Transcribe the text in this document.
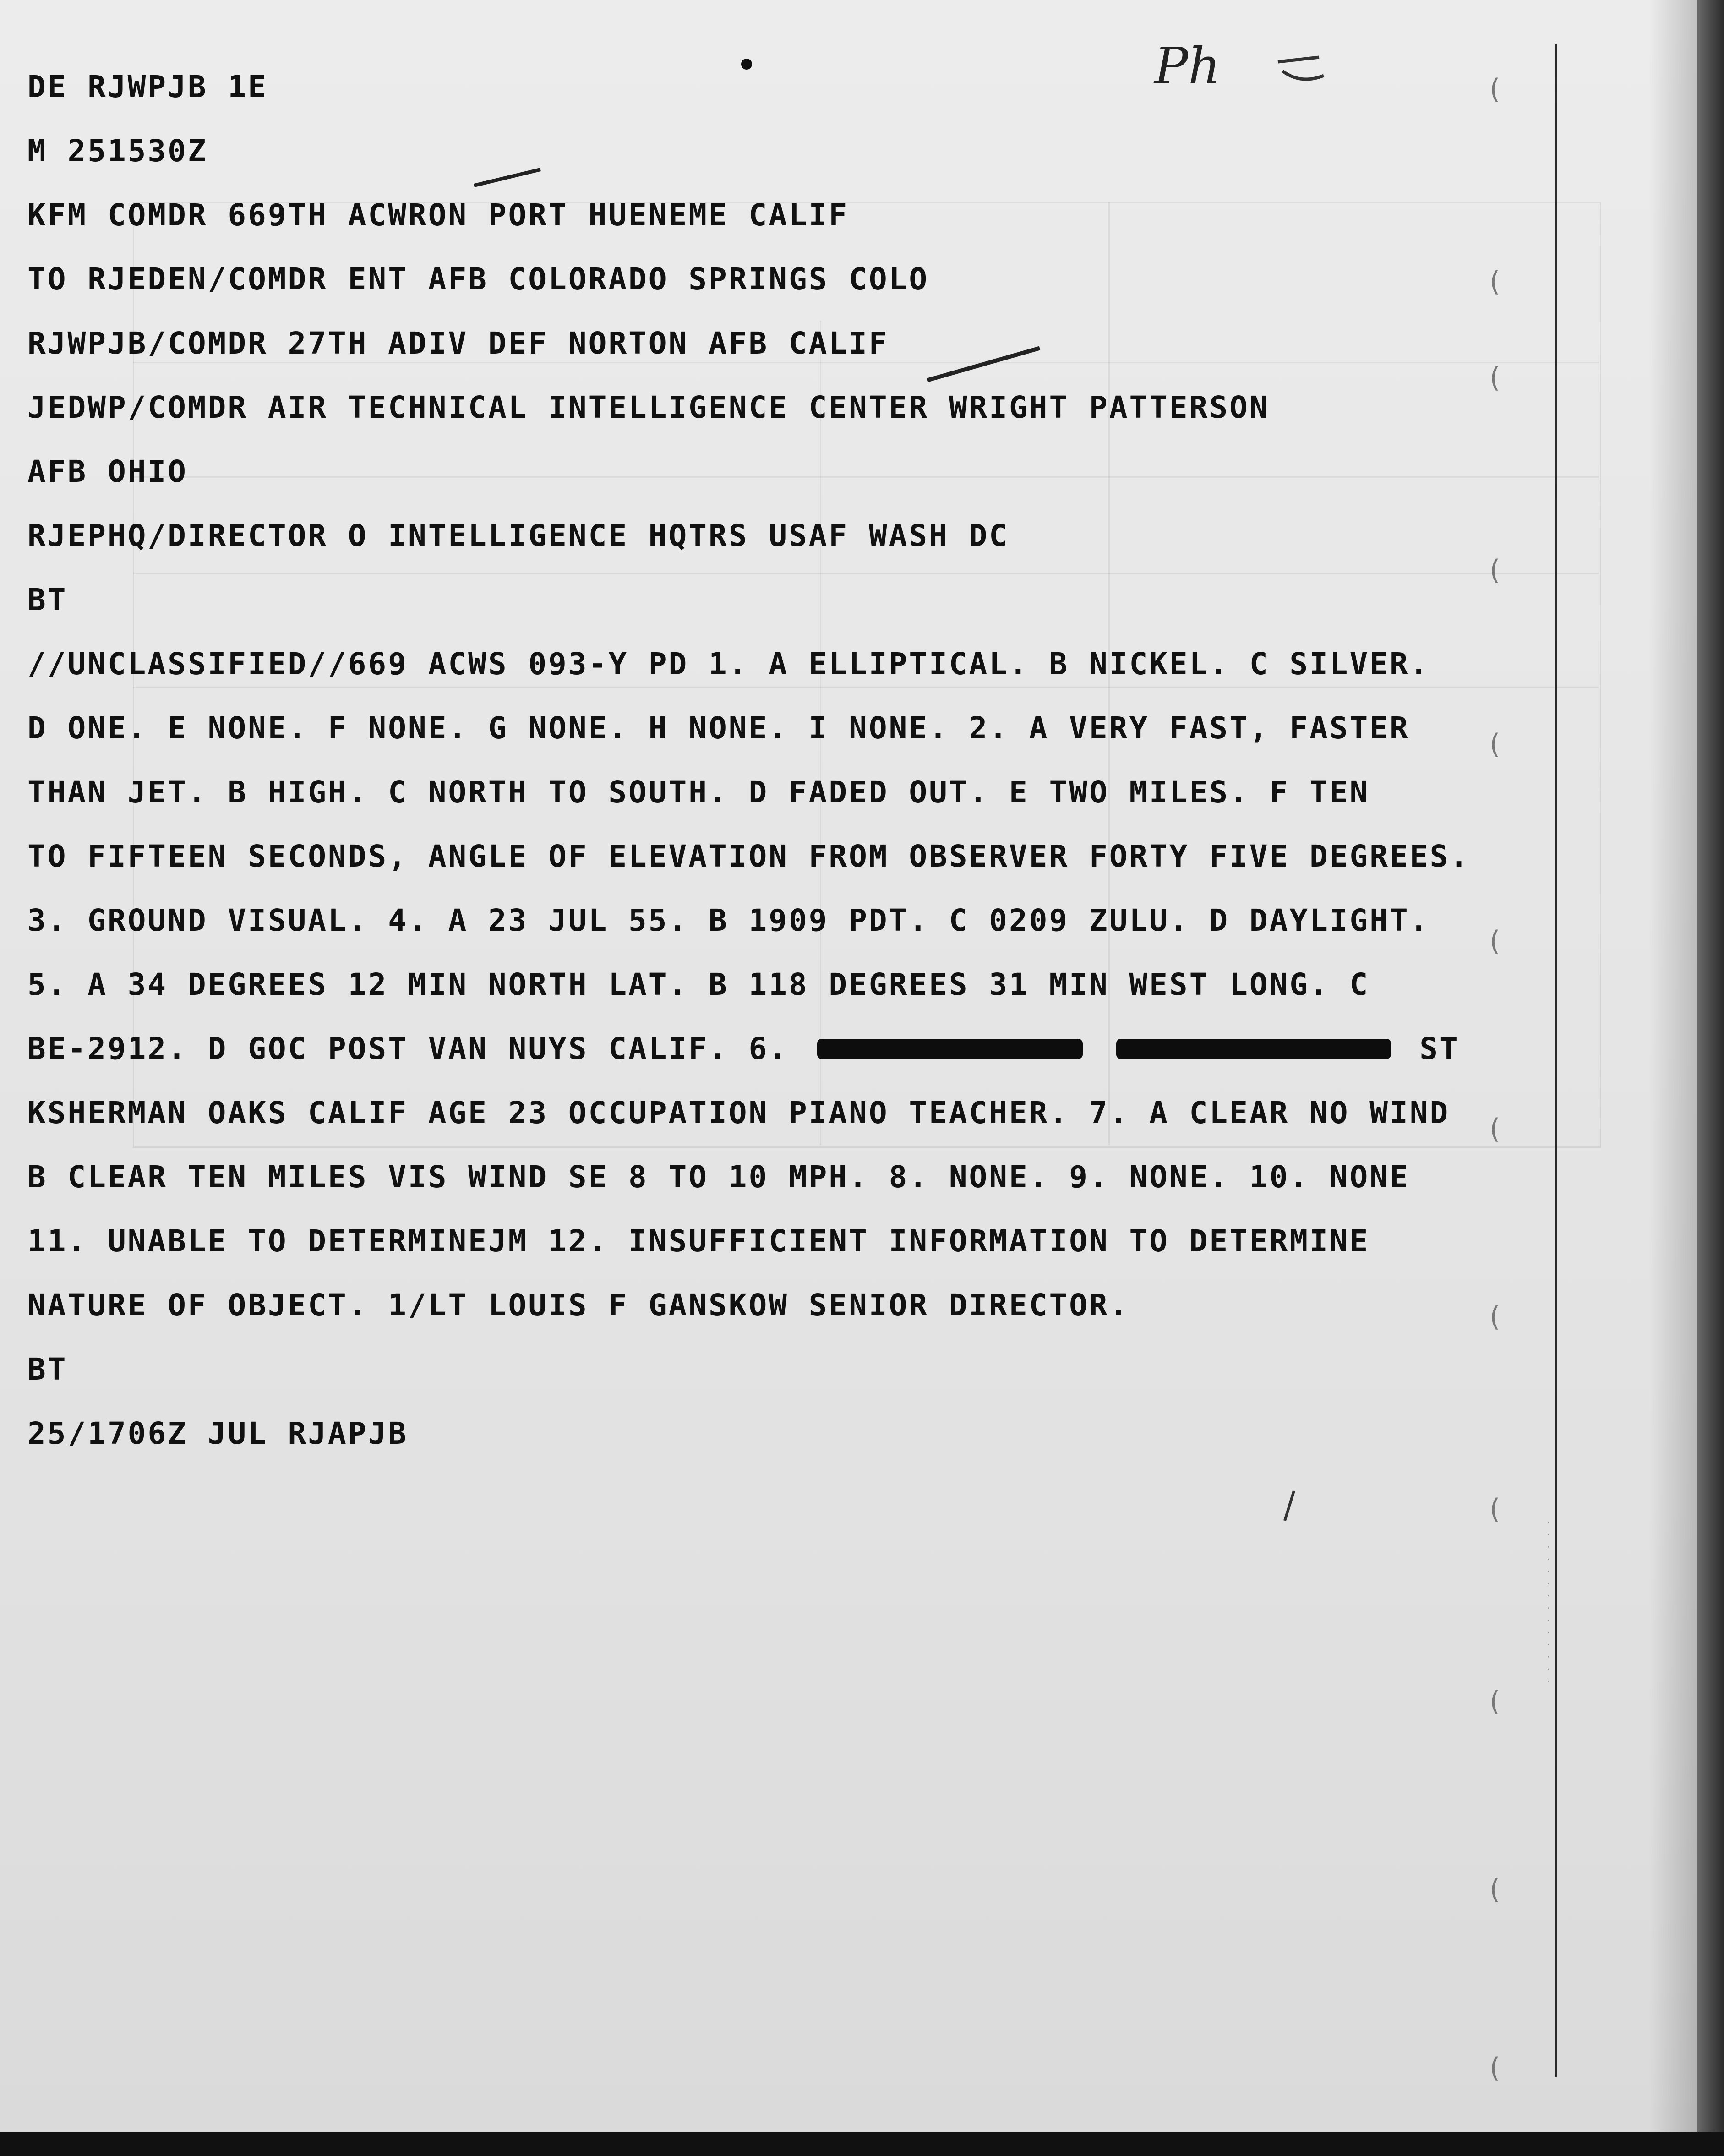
DE RJWPJB 1E
M 251530Z
KFM COMDR 669TH ACWRON PORT HUENEME CALIF
TO RJEDEN/COMDR ENT AFB COLORADO SPRINGS COLO
RJWPJB/COMDR 27TH ADIV DEF NORTON AFB CALIF
JEDWP/COMDR AIR TECHNICAL INTELLIGENCE CENTER WRIGHT PATTERSON
AFB OHIO
RJEPHQ/DIRECTOR O INTELLIGENCE HQTRS USAF WASH DC
BT
//UNCLASSIFIED//669 ACWS 093-Y PD 1. A ELLIPTICAL. B NICKEL. C SILVER.
D ONE. E NONE. F NONE. G NONE. H NONE. I NONE. 2. A VERY FAST, FASTER
THAN JET. B HIGH. C NORTH TO SOUTH. D FADED OUT. E TWO MILES. F TEN
TO FIFTEEN SECONDS, ANGLE OF ELEVATION FROM OBSERVER FORTY FIVE DEGREES.
3. GROUND VISUAL. 4. A 23 JUL 55. B 1909 PDT. C 0209 ZULU. D DAYLIGHT.
5. A 34 DEGREES 12 MIN NORTH LAT. B 118 DEGREES 31 MIN WEST LONG. C
BE-2912. D GOC POST VAN NUYS CALIF. 6.	ST
KSHERMAN OAKS CALIF AGE 23 OCCUPATION PIANO TEACHER. 7. A CLEAR NO WIND
B CLEAR TEN MILES VIS WIND SE 8 TO 10 MPH. 8. NONE. 9. NONE. 10. NONE
11. UNABLE TO DETERMINEJM 12. INSUFFICIENT INFORMATION TO DETERMINE
NATURE OF OBJECT. 1/LT LOUIS F GANSKOW SENIOR DIRECTOR.
BT
25/1706Z JUL RJAPJB
Ph
· · · · · · · · · · · · · ·
(
(
(
(
(
(
(
(
(
(
(
(
